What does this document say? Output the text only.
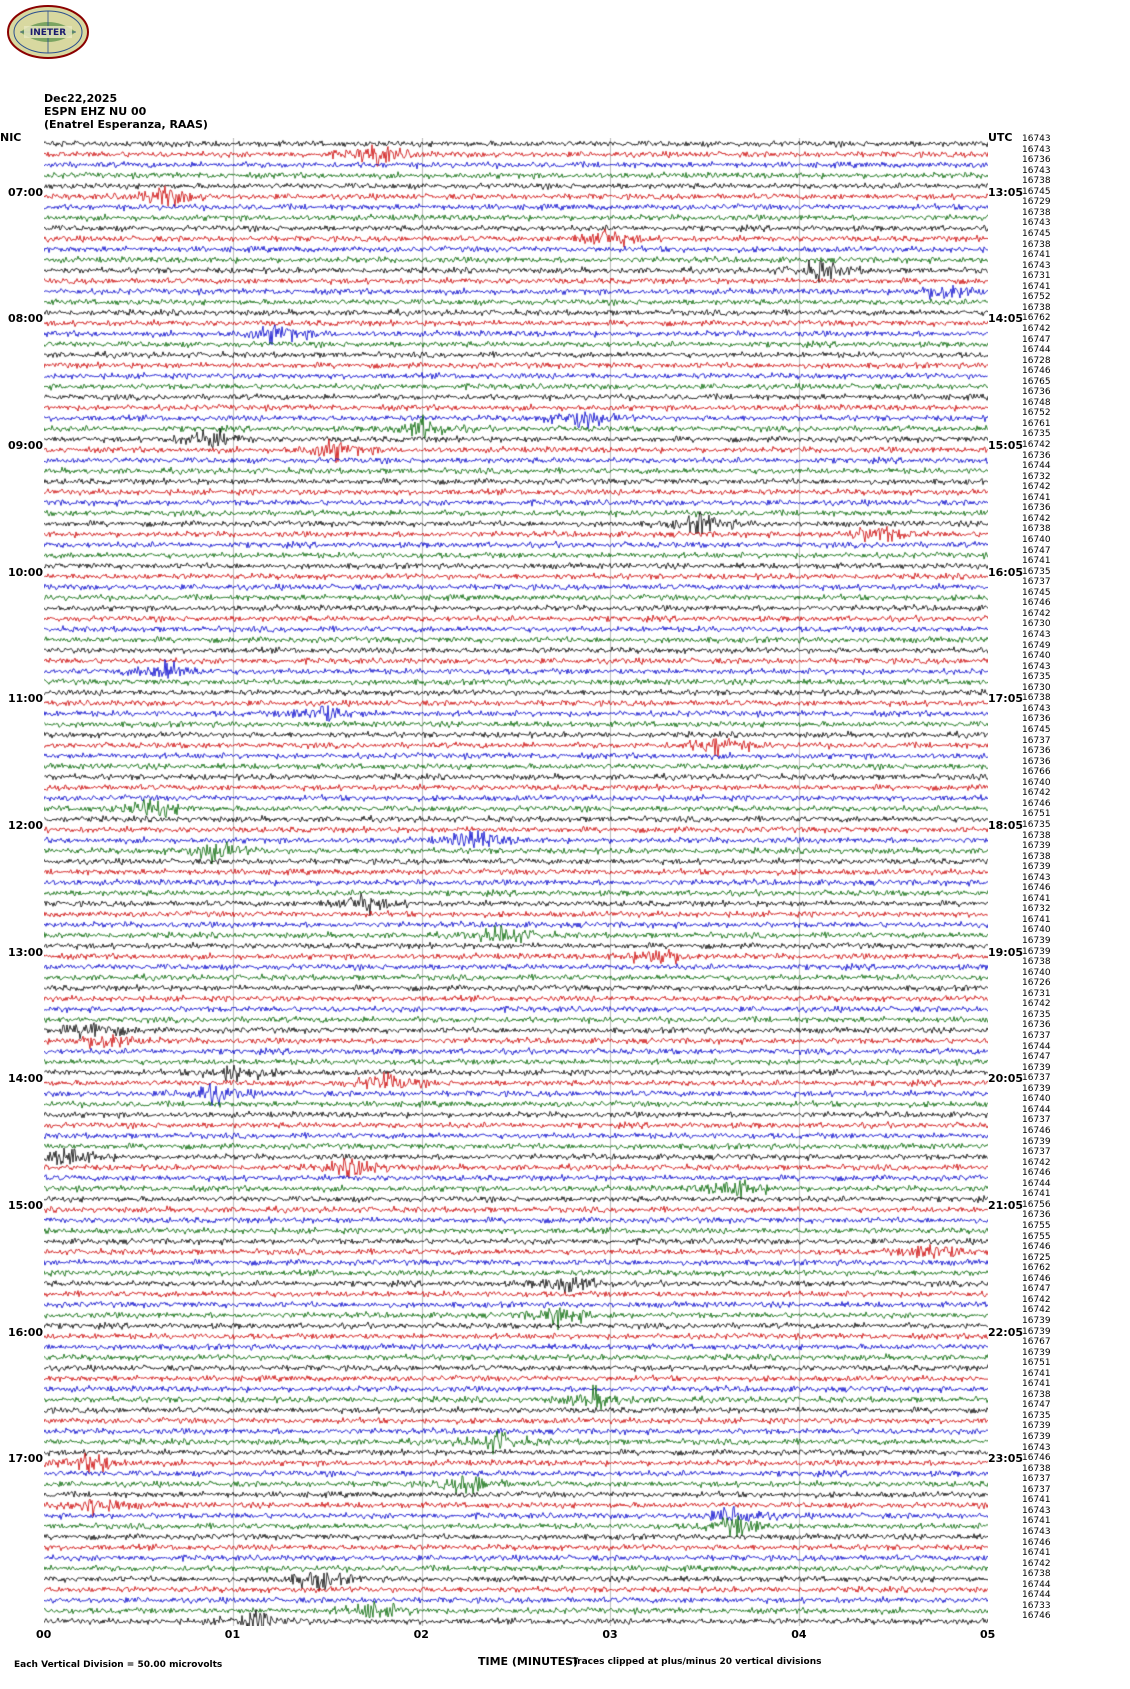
INETER
Dec22,2025
ESPN EHZ NU 00
(Enatrel Esperanza, RAAS)
NIC	UTC 16743
16743
16736
16743
16738
16745
16729
16738
16743
16745
16738
16741
16743
16731
16741
16752
16738
16762
16742
16747
16744
16728
16746
16765
16736
16748
16752
16761
16735
16742
16736
16744
16732
16742
16741
16736
16742
16738
16740
16747
16741
16735
16737
16745
16746
16742
16730
16743
16749
16740
16743
16735
16730
16738
16743
16736
16745
16737
16736
16736
16766
16740
16742
16746
16751
16735
16738
16739
16738
16739
16743
16746
16741
16732
16741
16740
16739
16739
16738
16740
16726
16731
16742
16735
16736
16737
16744
16747
16739
16737
16739
16740
16744
16737
16746
16739
16737
16742
16746
16744
16741
16756
16736
16755
16755
16746
16725
16762
16746
16747
16742
16742
16739
16739
16767
16739
16751
16741
16741
16738
16747
16735
16739
16739
16743
16746
16738
16737
16737
16741
16743
16741
16743
16746
16741
16742
16738
16744
16744
16733
16746
07:00	13:05
08:00	14:05
09:00	15:05
10:00	16:05
11:00	17:05
12:00	18:05
13:00	19:05
14:00	20:05
15:00	21:05
16:00	22:05
17:00	23:05
00	01	02	03	04	05
Each Vertical Division = 50.00 microvolts	TIME (MINUTES)
Traces clipped at plus/minus 20 vertical divisions
